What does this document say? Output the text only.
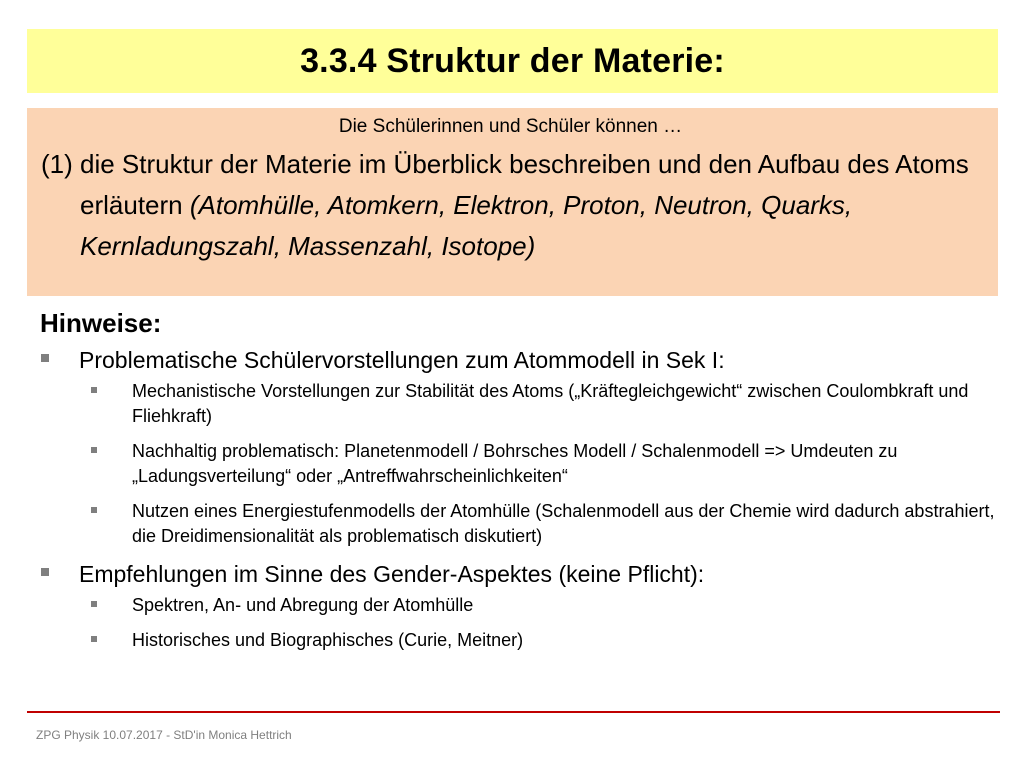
3.3.4 Struktur der Materie:

Die Schülerinnen und Schüler können …

(1) die Struktur der Materie im Überblick beschreiben und den Aufbau des Atoms erläutern (Atomhülle, Atomkern, Elektron, Proton, Neutron, Quarks, Kernladungszahl, Massenzahl, Isotope)

Hinweise:
Problematische Schülervorstellungen zum Atommodell in Sek I:
Mechanistische Vorstellungen zur Stabilität des Atoms („Kräftegleichgewicht“ zwischen Coulombkraft und Fliehkraft)
Nachhaltig problematisch: Planetenmodell / Bohrsches Modell / Schalenmodell => Umdeuten zu „Ladungsverteilung“ oder „Antreffwahrscheinlichkeiten“
Nutzen eines Energiestufenmodells der Atomhülle (Schalenmodell aus der Chemie wird dadurch abstrahiert, die Dreidimensionalität als problematisch diskutiert)
Empfehlungen im Sinne des Gender-Aspektes (keine Pflicht):
Spektren, An- und Abregung der Atomhülle
Historisches und Biographisches (Curie, Meitner)
ZPG Physik 10.07.2017 - StD'in Monica Hettrich
